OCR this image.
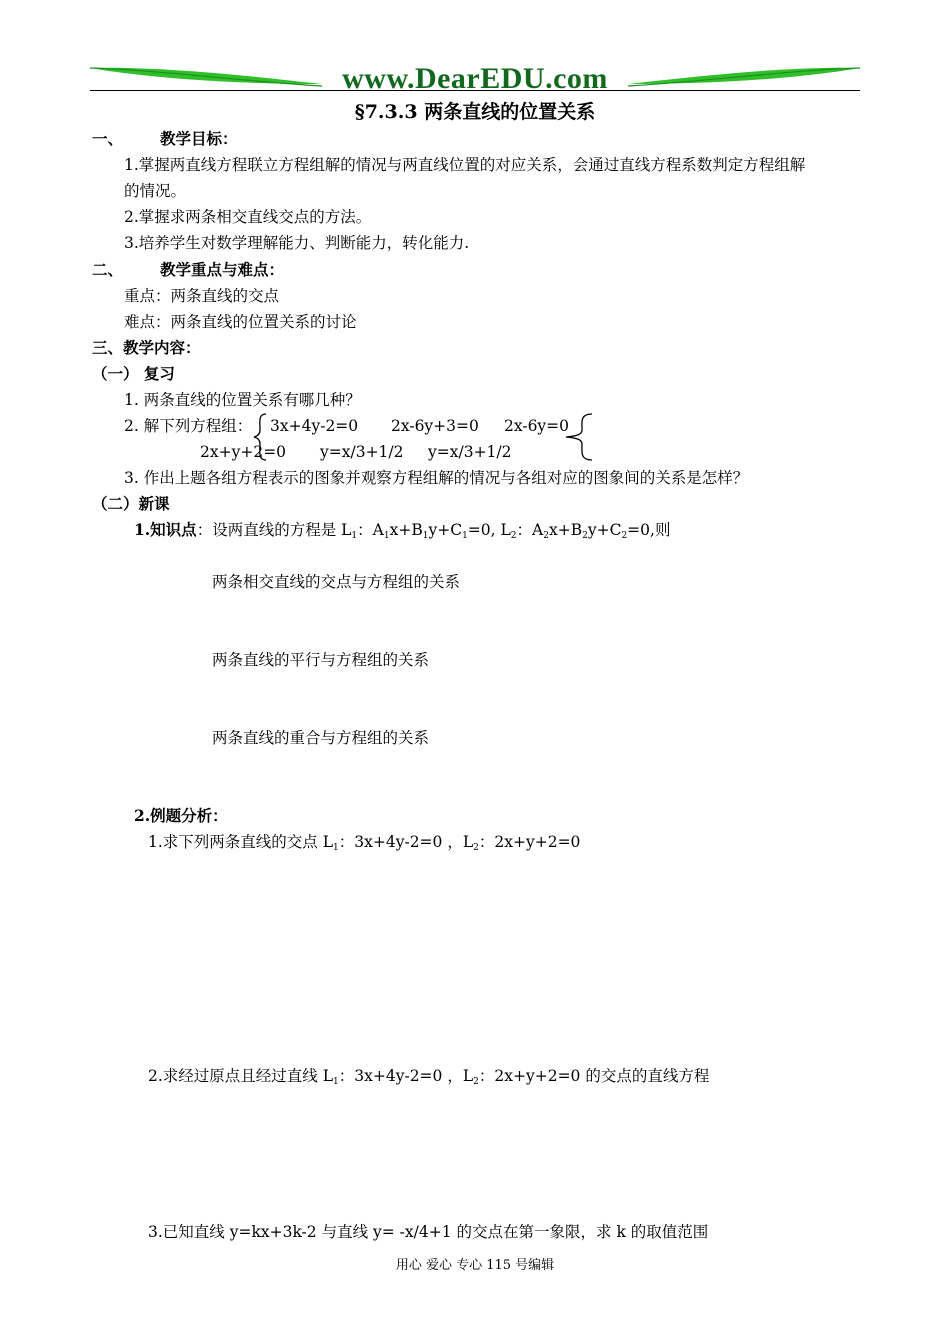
www.DearEDU.com
§7.3.3 两条直线的位置关系
一、 教学目标：
1.掌握两直线方程联立方程组解的情况与两直线位置的对应关系，会通过直线方程系数判定方程组解
的情况。
2.掌握求两条相交直线交点的方法。
3.培养学生对数学理解能力、判断能力，转化能力.
二、 教学重点与难点：
重点：两条直线的交点
难点：两条直线的位置关系的讨论
三、教学内容：
（一） 复习
1. 两条直线的位置关系有哪几种？
2. 解下列方程组： 3x+4y-2=0 2x-6y+3=0 2x-6y=0
2x+y+2=0 y=x/3+1/2 y=x/3+1/2
3. 作出上题各组方程表示的图象并观察方程组解的情况与各组对应的图象间的关系是怎样？
（二）新课
1.知识点：设两直线的方程是 $L_1$：$A_1x+B_1y+C_1=0$, $L_2$：$A_2x+B_2y+C_2=0$,则
两条相交直线的交点与方程组的关系
两条直线的平行与方程组的关系
两条直线的重合与方程组的关系
2.例题分析：
1.求下列两条直线的交点 $L_1$：3x+4y-2=0 ，$L_2$：2x+y+2=0
2.求经过原点且经过直线 $L_1$：3x+4y-2=0 ，$L_2$：2x+y+2=0 的交点的直线方程
3.已知直线 y=kx+3k-2 与直线 y= -x/4+1 的交点在第一象限，求 k 的取值范围
用心 爱心 专心 115 号编辑
